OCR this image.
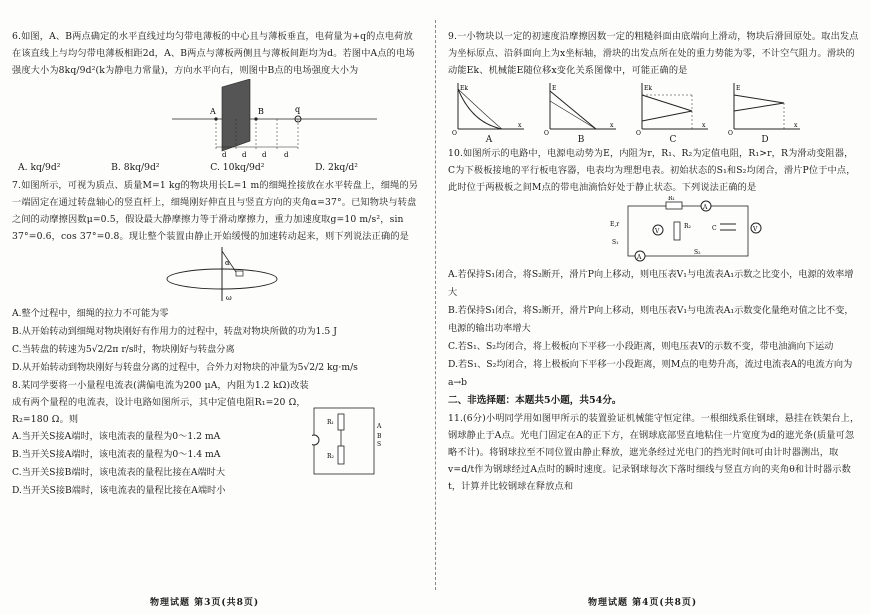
6.如图，A、B两点确定的水平直线过均匀带电薄板的中心且与薄板垂直，电荷量为+q的点电荷放在该直线上与均匀带电薄板相距2d，A、B两点与薄板两侧且与薄板间距均为d。若图中A点的电场强度大小为8kq/9d²(k为静电力常量)，方向水平向右，则图中B点的电场强度大小为

A	B	q
d d d	d
A. kq/9d²	B. 8kq/9d²	C. 10kq/9d²	D. 2kq/d²

7.如图所示，可视为质点、质量M=1 kg的物块用长L=1 m的细绳拴接放在水平转盘上，细绳的另一端固定在通过转盘轴心的竖直杆上，细绳刚好伸直且与竖直方向的夹角α=37°。已知物块与转盘之间的动摩擦因数μ=0.5，假设最大静摩擦力等于滑动摩擦力，重力加速度取g=10 m/s²，sin 37°=0.6，cos 37°=0.8。现让整个装置由静止开始缓慢的加速转动起来，则下列说法正确的是

α
ω

A.整个过程中，细绳的拉力不可能为零

B.从开始转动到细绳对物块刚好有作用力的过程中，转盘对物块所做的功为1.5 J

C.当转盘的转速为5√2/2π r/s时，物块刚好与转盘分离

D.从开始转动到物块刚好与转盘分离的过程中，合外力对物块的冲量为5√2/2 kg·m/s

8.某同学要将一小量程电流表(满偏电流为200 μA，内阻为1.2 kΩ)改装成有两个量程的电流表，设计电路如图所示，其中定值电阻R₁=20 Ω，R₂=180 Ω。则

A.当开关S接A端时，该电流表的量程为0～1.2 mA

B.当开关S接A端时，该电流表的量程为0～1.4 mA

C.当开关S接B端时，该电流表的量程比接在A端时大

D.当开关S接B端时，该电流表的量程比接在A端时小

R₁
R₂
A
B
S
物理试题 第3页(共8页)

9.一小物块以一定的初速度沿摩擦因数一定的粗糙斜面由底端向上滑动，物块后滑回原处。取出发点为坐标原点、沿斜面向上为x坐标轴，滑块的出发点所在处的重力势能为零，不计空气阻力。滑块的动能Ek、机械能E随位移x变化关系图像中，可能正确的是

Ek
x
O
A
E
x
O
B
Ek
x
O
C
E
x
O
D

10.如图所示的电路中，电源电动势为E，内阻为r，R₁、R₂为定值电阻，R₁>r，R为滑动变阻器，C为下极板接地的平行板电容器，电表均为理想电表。初始状态的S₁和S₂均闭合，滑片P位于中点，此时位于两极板之间M点的带电油滴恰好处于静止状态。下列说法正确的是

R₁
A
V
R₂	C	V
A
E,r
S₁
S₂

A.若保持S₁闭合，将S₂断开，滑片P向上移动，则电压表V₁与电流表A₁示数之比变小，电源的效率增大

B.若保持S₁闭合，将S₂断开，滑片P向上移动，则电压表V₁与电流表A₁示数变化量绝对值之比不变，电源的输出功率增大

C.若S₁、S₂均闭合，将上极板向下平移一小段距离，则电压表V的示数不变，带电油滴向下运动

D.若S₁、S₂均闭合，将上极板向下平移一小段距离，则M点的电势升高，流过电流表A的电流方向为a→b

二、非选择题：本题共5小题，共54分。

11.(6分)小明同学用如图甲所示的装置验证机械能守恒定律。一根细线系住钢球，悬挂在铁架台上，钢球静止于A点。光电门固定在A的正下方，在钢球底部竖直地粘住一片宽度为d的遮光条(质量可忽略不计)。将钢球拉至不同位置由静止释放，遮光条经过光电门的挡光时间t可由计时器测出，取v=d/t作为钢球经过A点时的瞬时速度。记录钢球每次下落时细线与竖直方向的夹角θ和计时器示数t，计算并比较钢球在释放点和

物理试题 第4页(共8页)
